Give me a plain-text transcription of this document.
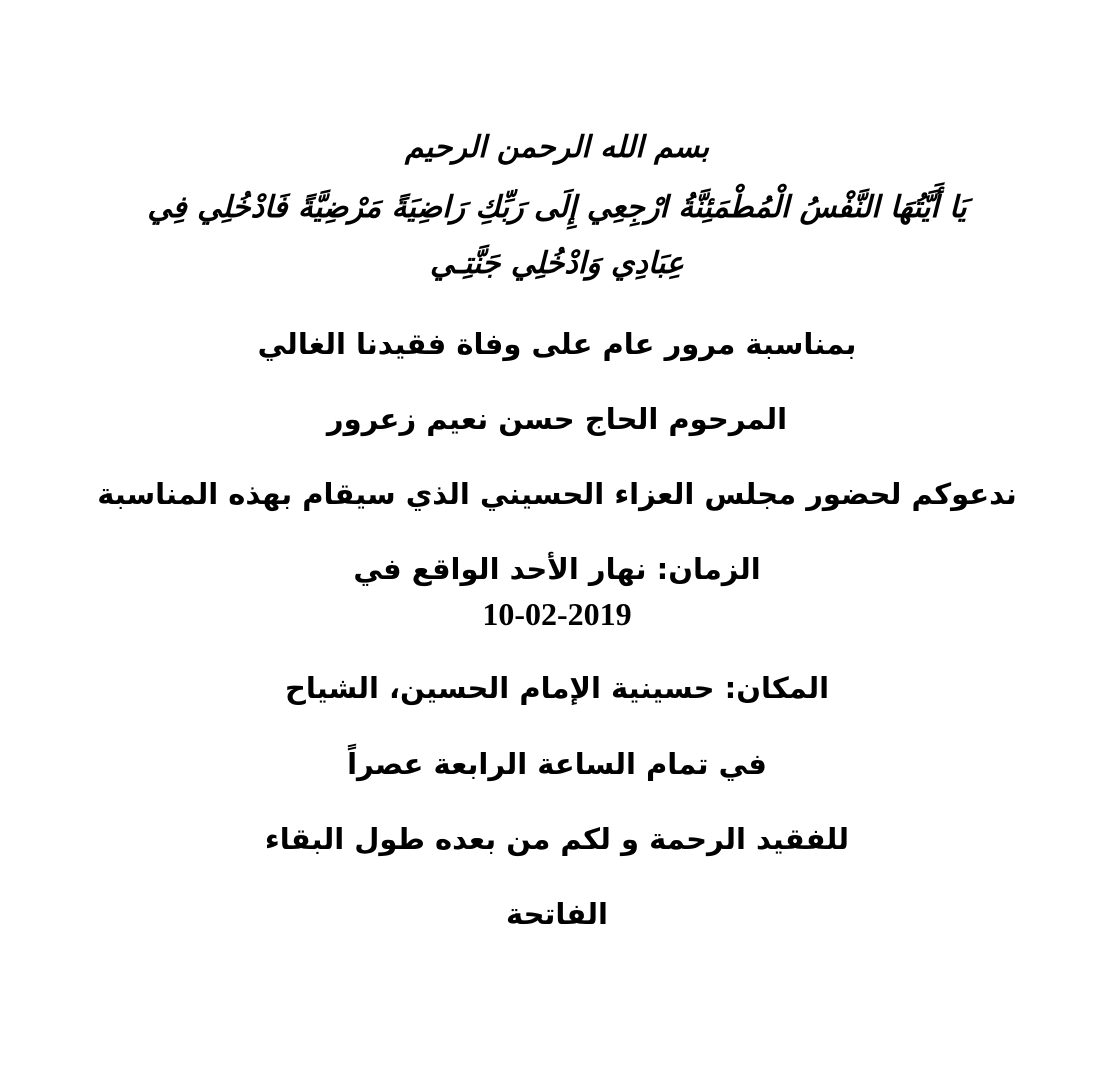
بسم الله الرحمن الرحيم
يَا أَيَّتُهَا النَّفْسُ الْمُطْمَئِنَّةُ ارْجِعِي إِلَى رَبِّكِ رَاضِيَةً مَرْضِيَّةً فَادْخُلِي فِي
عِبَادِي وَادْخُلِي جَنَّتِـي
بمناسبة مرور عام على وفاة فقيدنا الغالي
المرحوم الحاج حسن نعيم زعرور
ندعوكم لحضور مجلس العزاء الحسيني الذي سيقام بهذه المناسبة
الزمان: نهار الأحد الواقع في
10-02-2019
المكان: حسينية الإمام الحسين، الشياح
في تمام الساعة الرابعة عصراً
للفقيد الرحمة و لكم من بعده طول البقاء
الفاتحة
